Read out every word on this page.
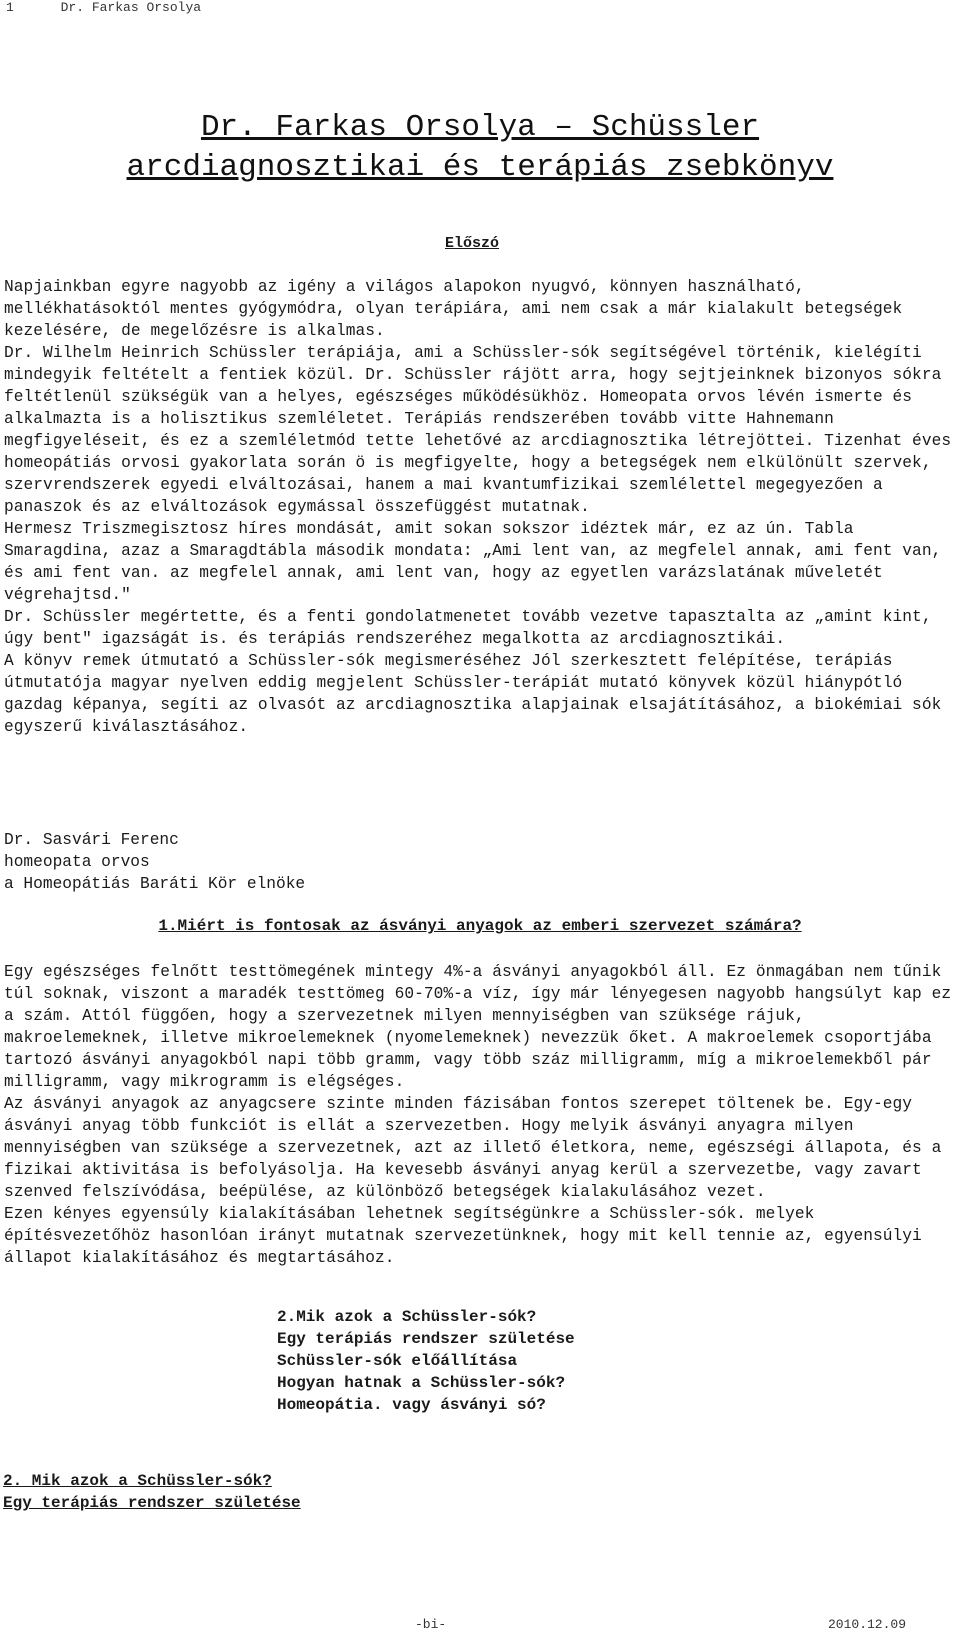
1	Dr. Farkas Orsolya
Dr. Farkas Orsolya – Schüssler
arcdiagnosztikai és terápiás zsebkönyv
Előszó

Napjainkban egyre nagyobb az igény a világos alapokon nyugvó, könnyen használható, mellékhatásoktól mentes gyógymódra, olyan terápiára, ami nem csak a már kialakult betegségek kezelésére, de megelőzésre is alkalmas.

Dr. Wilhelm Heinrich Schüssler terápiája, ami a Schüssler-sók segítségével történik, kielégíti mindegyik feltételt a fentiek közül. Dr. Schüssler rájött arra, hogy sejtjeinknek bizonyos sókra feltétlenül szükségük van a helyes, egészséges működésükhöz. Homeopata orvos lévén ismerte és alkalmazta is a holisztikus szemléletet. Terápiás rendszerében tovább vitte Hahnemann megfigyeléseit, és ez a szemléletmód tette lehetővé az arcdiagnosztika létrejöttei. Tizenhat éves homeopátiás orvosi gyakorlata során ö is megfigyelte, hogy a betegségek nem elkülönült szervek, szervrendszerek egyedi elváltozásai, hanem a mai kvantumfizikai szemlélettel megegyezően a panaszok és az elváltozások egymással összefüggést mutatnak.

Hermesz Triszmegisztosz híres mondását, amit sokan sokszor idéztek már, ez az ún. Tabla Smaragdina, azaz a Smaragdtábla második mondata: „Ami lent van, az megfelel annak, ami fent van, és ami fent van. az megfelel annak, ami lent van, hogy az egyetlen varázslatának műveletét végrehajtsd."

Dr. Schüssler megértette, és a fenti gondolatmenetet tovább vezetve tapasztalta az „amint kint, úgy bent" igazságát is. és terápiás rendszeréhez megalkotta az arcdiagnosztikái.

A könyv remek útmutató a Schüssler-sók megismeréséhez Jól szerkesztett felépítése, terápiás útmutatója magyar nyelven eddig megjelent Schüssler-terápiát mutató könyvek közül hiánypótló gazdag képanya, segíti az olvasót az arcdiagnosztika alapjainak elsajátításához, a biokémiai sók egyszerű kiválasztásához.

Dr. Sasvári Ferenc
homeopata orvos
a Homeopátiás Baráti Kör elnöke
1.Miért is fontosak az ásványi anyagok az emberi szervezet számára?

Egy egészséges felnőtt testtömegének mintegy 4%-a ásványi anyagokból áll. Ez önmagában nem tűnik túl soknak, viszont a maradék testtömeg 60-70%-a víz, így már lényegesen nagyobb hangsúlyt kap ez a szám. Attól függően, hogy a szervezetnek milyen mennyiségben van szüksége rájuk, makroelemeknek, illetve mikroelemeknek (nyomelemeknek) nevezzük őket. A makroelemek csoportjába tartozó ásványi anyagokból napi több gramm, vagy több száz milligramm, míg a mikroelemekből pár milligramm, vagy mikrogramm is elégséges.

Az ásványi anyagok az anyagcsere szinte minden fázisában fontos szerepet töltenek be. Egy-egy ásványi anyag több funkciót is ellát a szervezetben. Hogy melyik ásványi anyagra milyen mennyiségben van szüksége a szervezetnek, azt az illető életkora, neme, egészségi állapota, és a fizikai aktivitása is befolyásolja. Ha kevesebb ásványi anyag kerül a szervezetbe, vagy zavart szenved felszívódása, beépülése, az különböző betegségek kialakulásához vezet.

Ezen kényes egyensúly kialakításában lehetnek segítségünkre a Schüssler-sók. melyek építésvezetőhöz hasonlóan irányt mutatnak szervezetünknek, hogy mit kell tennie az, egyensúlyi állapot kialakításához és megtartásához.

2.Mik azok a Schüssler-sók?
Egy terápiás rendszer születése
Schüssler-sók előállítása
Hogyan hatnak a Schüssler-sók?
Homeopátia. vagy ásványi só?
2. Mik azok a Schüssler-sók?
Egy terápiás rendszer születése
-bi-	2010.12.09
